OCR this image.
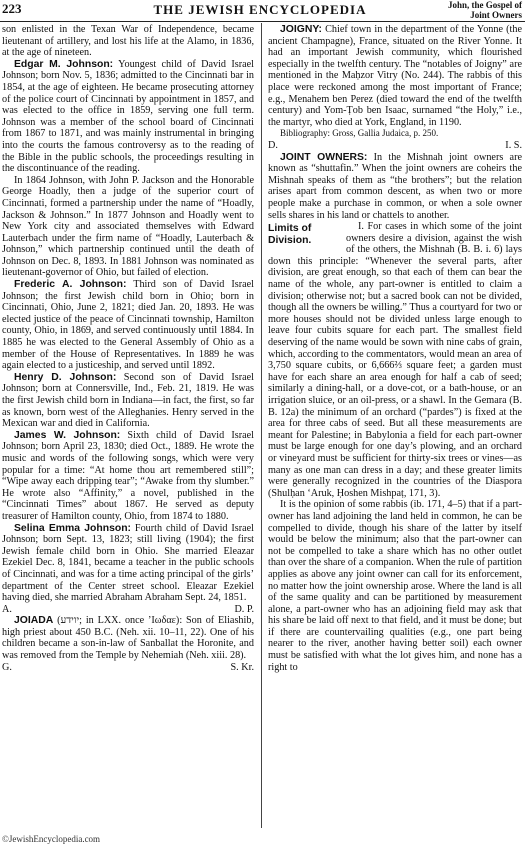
223	THE JEWISH ENCYCLOPEDIA	John, the Gospel of
Joint Owners

son enlisted in the Texan War of Independence, became lieutenant of artillery, and lost his life at the Alamo, in 1836, at the age of nineteen.

Edgar M. Johnson: Youngest child of David Israel Johnson; born Nov. 5, 1836; admitted to the Cincinnati bar in 1854, at the age of eighteen. He became prosecuting attorney of the police court of Cincinnati by appointment in 1857, and was elected to the office in 1859, serving one full term. Johnson was a member of the school board of Cincinnati from 1867 to 1871, and was mainly instrumental in bringing into the courts the famous controversy as to the reading of the Bible in the public schools, the proceedings resulting in the discontinuance of the reading.

In 1864 Johnson, with John P. Jackson and the Honorable George Hoadly, then a judge of the superior court of Cincinnati, formed a partnership under the name of “Hoadly, Jackson & Johnson.” In 1877 Johnson and Hoadly went to New York city and associated themselves with Edward Lauterbach under the firm name of “Hoadly, Lauterbach & Johnson,” which partnership continued until the death of Johnson on Dec. 8, 1893. In 1881 Johnson was nominated as lieutenant-governor of Ohio, but failed of election.

Frederic A. Johnson: Third son of David Israel Johnson; the first Jewish child born in Ohio; born in Cincinnati, Ohio, June 2, 1821; died Jan. 20, 1893. He was elected justice of the peace of Cincinnati township, Hamilton county, Ohio, in 1869, and served continuously until 1884. In 1885 he was elected to the General Assembly of Ohio as a member of the House of Representatives. In 1889 he was again elected to a justiceship, and served until 1892.

Henry D. Johnson: Second son of David Israel Johnson; born at Connersville, Ind., Feb. 21, 1819. He was the first Jewish child born in Indiana—in fact, the first, so far as known, born west of the Alleghanies. Henry served in the Mexican war and died in California.

James W. Johnson: Sixth child of David Israel Johnson; born April 23, 1830; died Oct., 1889. He wrote the music and words of the following songs, which were very popular for a time: “At home thou art remembered still”; “Wipe away each dripping tear”; “Awake from thy slumber.” He wrote also “Affinity,” a novel, published in the “Cincinnati Times” about 1867. He served as deputy treasurer of Hamilton county, Ohio, from 1874 to 1880.

Selina Emma Johnson: Fourth child of David Israel Johnson; born Sept. 13, 1823; still living (1904); the first Jewish female child born in Ohio. She married Eleazar Ezekiel Dec. 8, 1841, became a teacher in the public schools of Cincinnati, and was for a time acting principal of the girls’ department of the Center street school. Eleazar Ezekiel having died, she married Abraham Abraham Sept. 24, 1851.

A.	D. P.

JOIADA (יוידע; in LXX. once ’Iωδαε): Son of Eliashib, high priest about 450 B.C. (Neh. xii. 10–11, 22). One of his children became a son-in-law of Sanballat the Horonite, and was removed from the Temple by Nehemiah (Neh. xiii. 28).

G.	S. Kr.

JOIGNY: Chief town in the department of the Yonne (the ancient Champagne), France, situated on the River Yonne. It had an important Jewish community, which flourished especially in the twelfth century. The “notables of Joigny” are mentioned in the Maḥzor Vitry (No. 244). The rabbis of this place were reckoned among the most important of France; e.g., Menahem ben Perez (died toward the end of the twelfth century) and Yom-Ṭob ben Isaac, surnamed “the Holy,” i.e., the martyr, who died at York, England, in 1190.

Bibliography: Gross, Gallia Judaica, p. 250.

D.	I. S.

JOINT OWNERS: In the Mishnah joint owners are known as “shuttafin.” When the joint owners are coheirs the Mishnah speaks of them as “the brothers”; but the relation arises apart from common descent, as when two or more people make a purchase in common, or when a sole owner sells shares in his land or chattels to another.

Limits of
Division.

I. For cases in which some of the joint owners desire a division, against the wish of the others, the Mishnah (B. B. i. 6) lays down this principle: “Whenever the several parts, after division, are great enough, so that each of them can bear the name of the whole, any part-owner is entitled to claim a division; otherwise not; but a sacred book can not be divided, though all the owners be willing.” Thus a courtyard for two or more houses should not be divided unless large enough to leave four cubits square for each part. The smallest field deserving of the name would be sown with nine cabs of grain, which, according to the commentators, would mean an area of 3,750 square cubits, or 6,666⅔ square feet; a garden must have for each share an area enough for half a cab of seed; similarly a dining-hall, or a dove-cot, or a bath-house, or an irrigation sluice, or an oil-press, or a shawl. In the Gemara (B. B. 12a) the minimum of an orchard (“pardes”) is fixed at the area for three cabs of seed. But all these measurements are meant for Palestine; in Babylonia a field for each part-owner must be large enough for one day’s plowing, and an orchard or vineyard must be sufficient for thirty-six trees or vines—as many as one man can dress in a day; and these greater limits were generally recognized in the countries of the Diaspora (Shulḥan ‘Aruk, Ḥoshen Mishpaṭ, 171, 3).

It is the opinion of some rabbis (ib. 171, 4–5) that if a part-owner has land adjoining the land held in common, he can be compelled to divide, though his share of the latter by itself would be below the minimum; also that the part-owner can not be compelled to take a share which has no other outlet than over the share of a companion. When the rule of partition applies as above any joint owner can call for its enforcement, no matter how the joint ownership arose. Where the land is all of the same quality and can be partitioned by measurement alone, a part-owner who has an adjoining field may ask that his share be laid off next to that field, and it must be done; but if there are countervailing qualities (e.g., one part being nearer to the river, another having better soil) each owner must be satisfied with what the lot gives him, and none has a right to

©JewishEncyclopedia.com
